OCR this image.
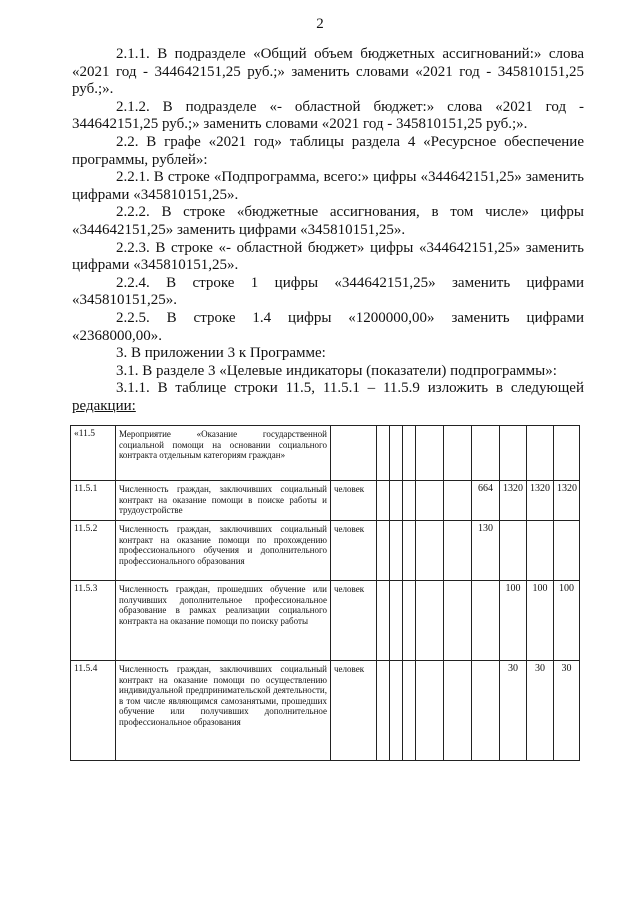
2

2.1.1. В подразделе «Общий объем бюджетных ассигнований:» слова «2021 год - 344642151,25 руб.;» заменить словами «2021 год - 345810151,25 руб.;».

2.1.2. В подразделе «- областной бюджет:» слова «2021 год - 344642151,25 руб.;» заменить словами «2021 год - 345810151,25 руб.;».

2.2. В графе «2021 год» таблицы раздела 4 «Ресурсное обеспечение программы, рублей»:

2.2.1. В строке «Подпрограмма, всего:» цифры «344642151,25» заменить цифрами «345810151,25».

2.2.2. В строке «бюджетные ассигнования, в том числе» цифры «344642151,25» заменить цифрами «345810151,25».

2.2.3. В строке «- областной бюджет» цифры «344642151,25» заменить цифрами «345810151,25».

2.2.4. В строке 1 цифры «344642151,25» заменить цифрами «345810151,25».

2.2.5. В строке 1.4 цифры «1200000,00» заменить цифрами «2368000,00».

3. В приложении 3 к Программе:

3.1. В разделе 3 «Целевые индикаторы (показатели) подпрограммы»:

3.1.1. В таблице строки 11.5, 11.5.1 – 11.5.9 изложить в следующей

редакции:

«11.5	Мероприятие «Оказание государственной социальной помощи на основании социального контракта отдельным категориям граждан»										
11.5.1	Численность граждан, заключивших социальный контракт на оказание помощи в поиске работы и трудоустройстве	человек						664	1320	1320	1320
11.5.2	Численность граждан, заключивших социальный контракт на оказание помощи по прохождению профессионального обучения и дополнительного профессионального образования	человек						130			
11.5.3	Численность граждан, прошедших обучение или получивших дополнительное профессиональное образование в рамках реализации социального контракта на оказание помощи по поиску работы	человек							100	100	100
11.5.4	Численность граждан, заключивших социальный контракт на оказание помощи по осуществлению индивидуальной предпринимательской деятельности, в том числе являющимся самозанятыми, прошедших обучение или получивших дополнительное профессиональное образования	человек							30	30	30
